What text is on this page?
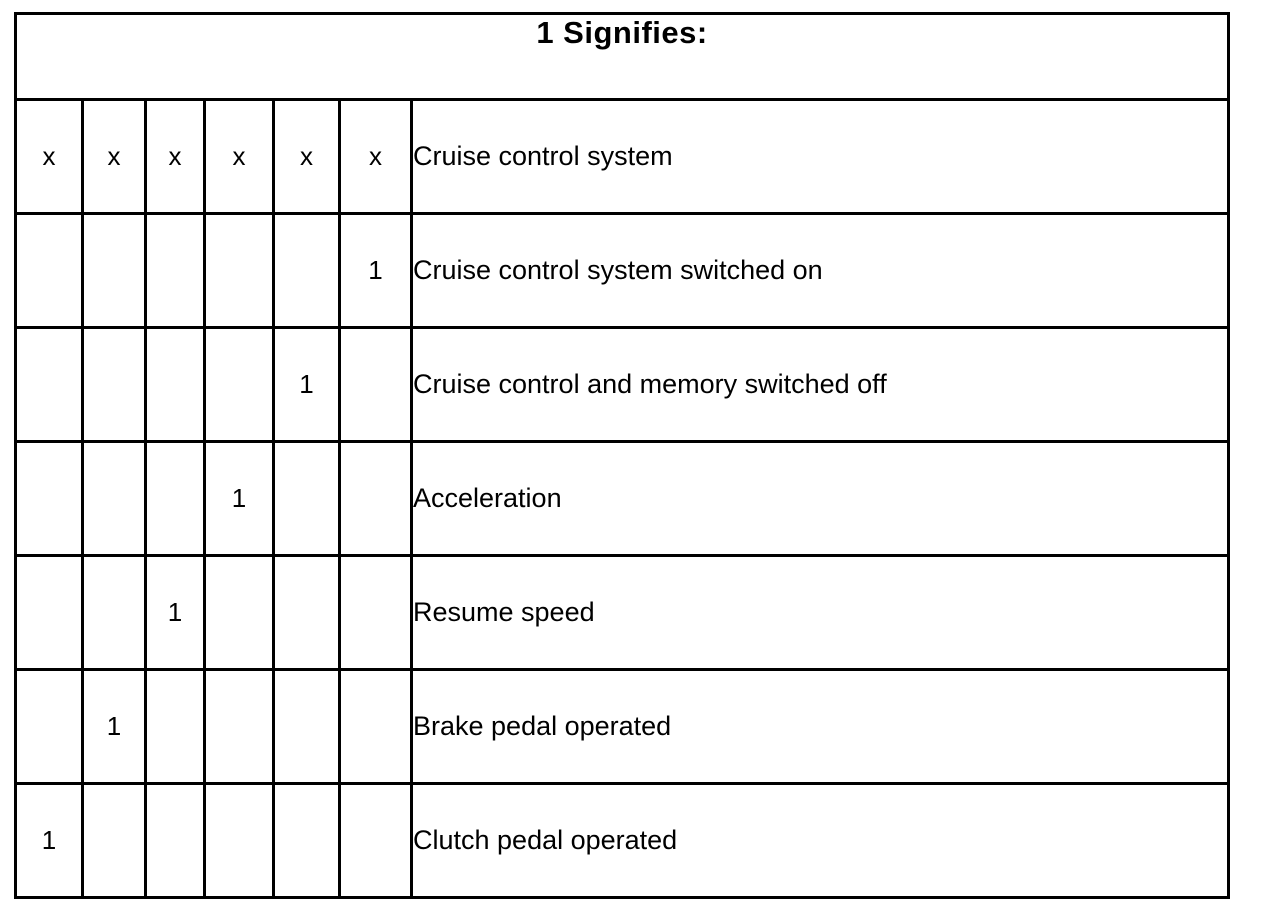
1 Signifies:						
x	x	x	x	x	x	Cruise control system
					1	Cruise control system switched on
				1		Cruise control and memory switched off
			1			Acceleration
		1				Resume speed
	1					Brake pedal operated
1						Clutch pedal operated
